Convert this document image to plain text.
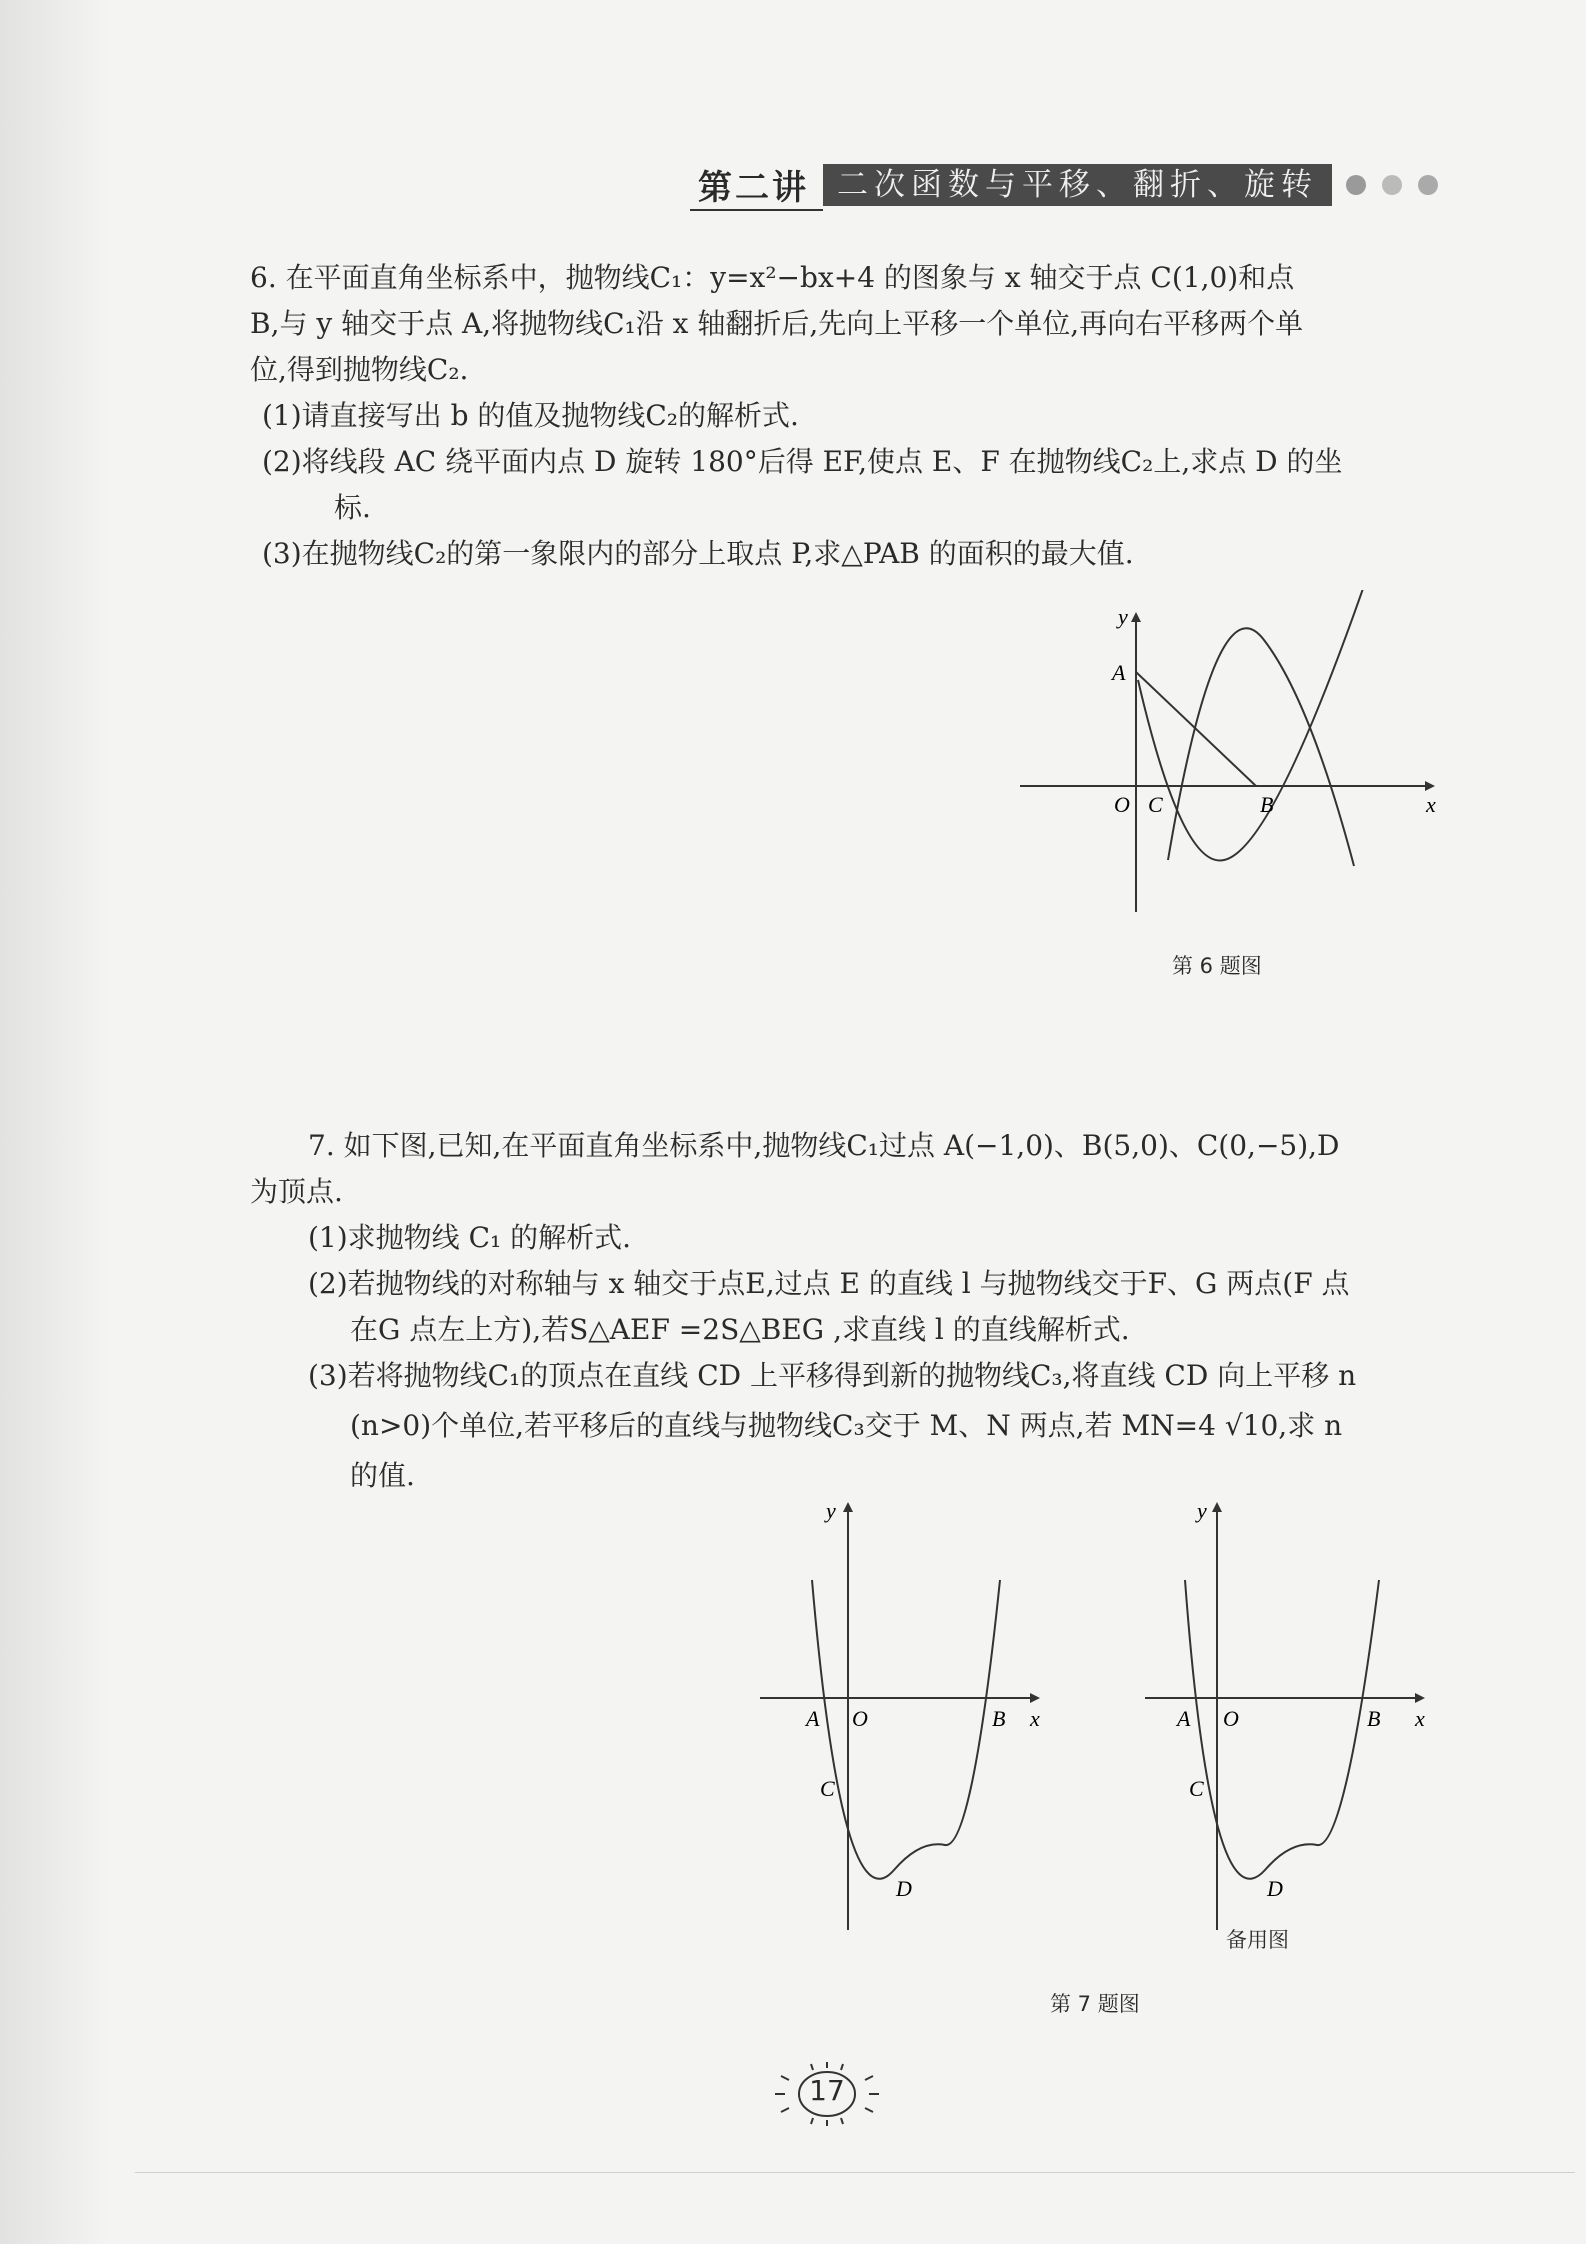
第二讲 二次函数与平移、翻折、旋转
6. 在平面直角坐标系中，抛物线C₁：y=x²−bx+4 的图象与 x 轴交于点 C(1,0)和点
B,与 y 轴交于点 A,将抛物线C₁沿 x 轴翻折后,先向上平移一个单位,再向右平移两个单
位,得到抛物线C₂.
(1)请直接写出 b 的值及抛物线C₂的解析式.
(2)将线段 AC 绕平面内点 D 旋转 180°后得 EF,使点 E、F 在抛物线C₂上,求点 D 的坐
标.
(3)在抛物线C₂的第一象限内的部分上取点 P,求△PAB 的面积的最大值.
y
x
A
O C	B
第 6 题图
7. 如下图,已知,在平面直角坐标系中,抛物线C₁过点 A(−1,0)、B(5,0)、C(0,−5),D
为顶点.
(1)求抛物线 C₁ 的解析式.
(2)若抛物线的对称轴与 x 轴交于点E,过点 E 的直线 l 与抛物线交于F、G 两点(F 点
在G 点左上方),若S△AEF =2S△BEG ,求直线 l 的直线解析式.
(3)若将抛物线C₁的顶点在直线 CD 上平移得到新的抛物线C₃,将直线 CD 向上平移 n
(n>0)个单位,若平移后的直线与抛物线C₃交于 M、N 两点,若 MN=4 √10,求 n
的值.
y
x
A O	B
C
D
y
x
A O	B
C
D
备用图
第 7 题图
17
